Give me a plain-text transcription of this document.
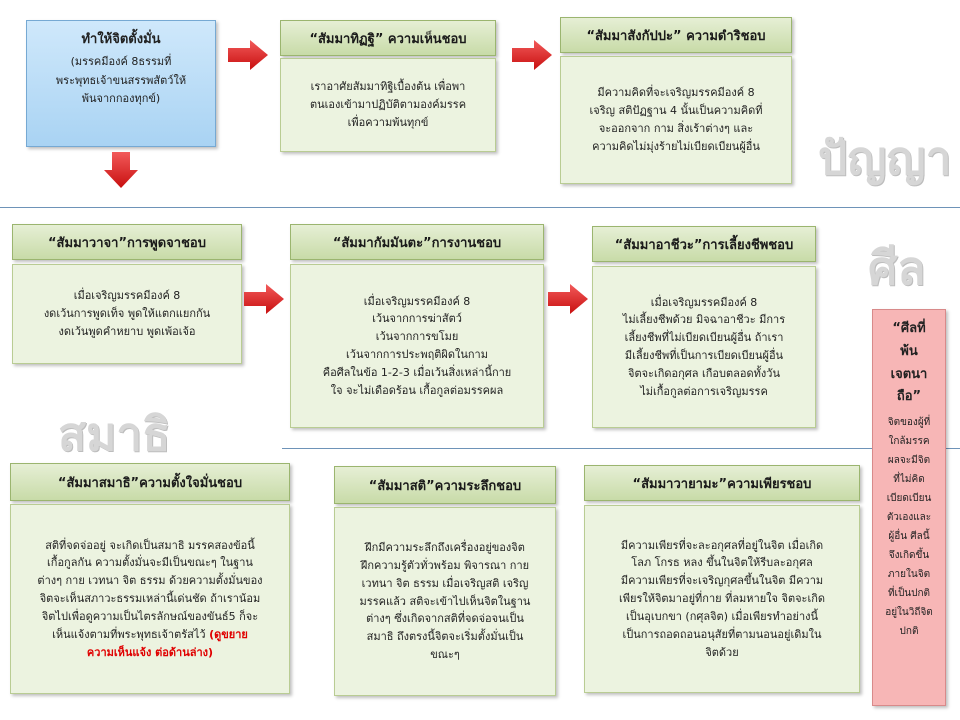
ปัญญา
ศีล
สมาธิ
ทำให้จิตตั้งมั่น
(มรรคมีองค์ 8ธรรมที่
พระพุทธเจ้าขนสรรพสัตว์ให้
พ้นจากกองทุกข์)
“สัมมาทิฏฐิ” ความเห็นชอบ
เราอาศัยสัมมาทิฐิเบื้องต้น เพื่อพา
ตนเองเข้ามาปฏิบัติตามองค์มรรค
เพื่อความพ้นทุกข์
“สัมมาสังกัปปะ” ความดำริชอบ
มีความคิดที่จะเจริญมรรคมีองค์ 8
เจริญ สติปัฏฐาน 4 นั้นเป็นความคิดที่
จะออกจาก กาม สิ่งเร้าต่างๆ และ
ความคิดไม่มุ่งร้ายไม่เบียดเบียนผู้อื่น
“สัมมาวาจา”การพูดจาชอบ
เมื่อเจริญมรรคมีองค์ 8
งดเว้นการพูดเท็จ พูดให้แตกแยกกัน
งดเว้นพูดคำหยาบ พูดเพ้อเจ้อ
“สัมมากัมมันตะ”การงานชอบ
เมื่อเจริญมรรคมีองค์ 8
เว้นจากการฆ่าสัตว์
เว้นจากการขโมย
เว้นจากการประพฤติผิดในกาม
คือศีลในข้อ 1-2-3 เมื่อเว้นสิ่งเหล่านี้กาย
ใจ จะไม่เดือดร้อน เกื้อกูลต่อมรรคผล
“สัมมาอาชีวะ”การเลี้ยงชีพชอบ
เมื่อเจริญมรรคมีองค์ 8
ไม่เลี้ยงชีพด้วย มิจฉาอาชีวะ มีการ
เลี้ยงชีพที่ไม่เบียดเบียนผู้อื่น ถ้าเรา
มีเลี้ยงชีพที่เป็นการเบียดเบียนผู้อื่น
จิตจะเกิดอกุศล เกือบตลอดทั้งวัน
ไม่เกื้อกูลต่อการเจริญมรรค
“สัมมาสมาธิ”ความตั้งใจมั่นชอบ
สติที่จดจ่ออยู่ จะเกิดเป็นสมาธิ มรรคสองข้อนี้
เกื้อกูลกัน ความตั้งมั่นจะมีเป็นขณะๆ ในฐาน
ต่างๆ กาย เวทนา จิต ธรรม ด้วยความตั้งมั่นของ
จิตจะเห็นสภาวะธรรมเหล่านี้เด่นชัด ถ้าเราน้อม
จิตไปเพื่อดูความเป็นไตรลักษณ์ของขันธ์5 ก็จะ
เห็นแจ้งตามที่พระพุทธเจ้าตรัสไว้ (ดูขยาย
ความเห็นแจ้ง ต่อด้านล่าง)
“สัมมาสติ”ความระลึกชอบ
ฝึกมีความระลึกถึงเครื่องอยู่ของจิต
ฝึกความรู้ตัวทั่วพร้อม พิจารณา กาย
เวทนา จิต ธรรม เมื่อเจริญสติ เจริญ
มรรคแล้ว สติจะเข้าไปเห็นจิตในฐาน
ต่างๆ ซึ่งเกิดจากสติที่จดจ่อจนเป็น
สมาธิ ถึงตรงนี้จิตจะเริ่มตั้งมั่นเป็น
ขณะๆ
“สัมมาวายามะ”ความเพียรชอบ
มีความเพียรที่จะละอกุศลที่อยู่ในจิต เมื่อเกิด
โลภ โกรธ หลง ขึ้นในจิตให้รีบละอกุศล
มีความเพียรที่จะเจริญกุศลขึ้นในจิต มีความ
เพียรให้จิตมาอยู่ที่กาย ที่ลมหายใจ จิตจะเกิด
เป็นอุเบกขา (กศุลจิต) เมื่อเพียรทำอย่างนี้
เป็นการถอดถอนอนุสัยที่ตามนอนอยู่เดิมใน
จิตด้วย
“ศีลที่
พ้น
เจตนา
ถือ”
จิตของผู้ที่
ใกล้มรรค
ผลจะมีจิต
ที่ไม่คิด
เบียดเบียน
ตัวเองและ
ผู้อื่น ศีลนี้
จึงเกิดขึ้น
ภายในจิต
ที่เป็นปกติ
อยู่ในวิถีจิต
ปกติ
